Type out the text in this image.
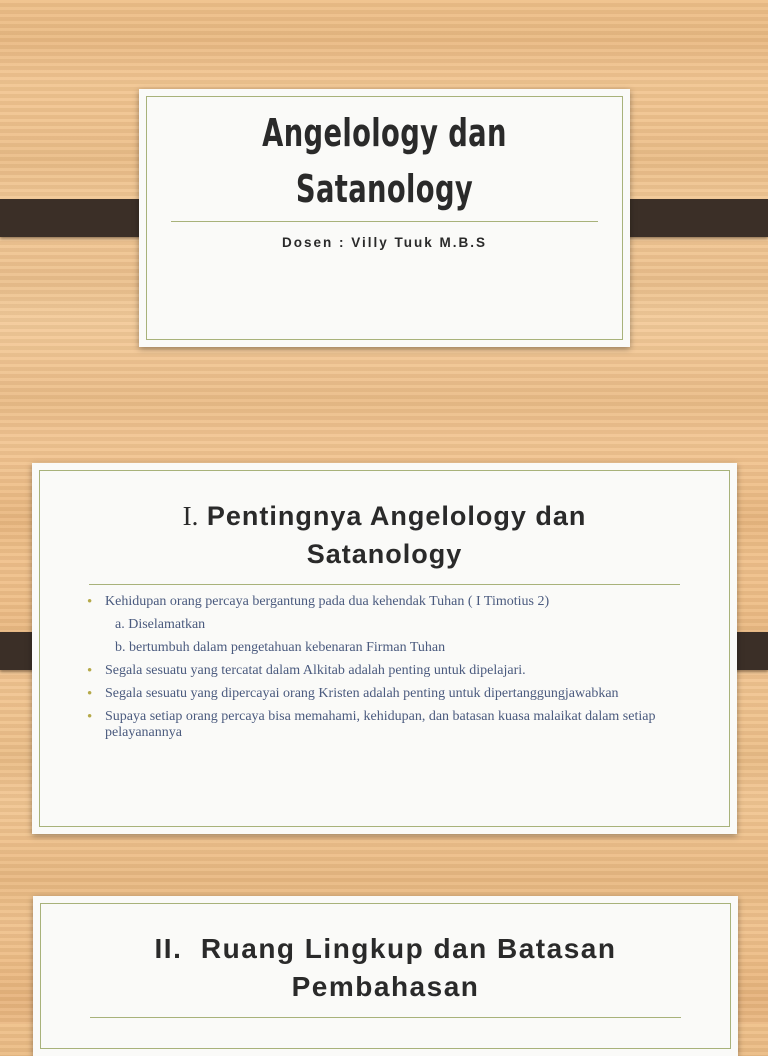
Angelology dan
Satanology
Dosen : Villy Tuuk M.B.S
I. Pentingnya Angelology dan
Satanology
• Kehidupan orang percaya bergantung pada dua kehendak Tuhan ( I Timotius 2)
a. Diselamatkan
b. bertumbuh dalam pengetahuan kebenaran Firman Tuhan
• Segala sesuatu yang tercatat dalam Alkitab adalah penting untuk dipelajari.
• Segala sesuatu yang dipercayai orang Kristen adalah penting untuk dipertanggungjawabkan
• Supaya setiap orang percaya bisa memahami, kehidupan, dan batasan kuasa malaikat dalam setiap pelayanannya
II.  Ruang Lingkup dan Batasan
Pembahasan
